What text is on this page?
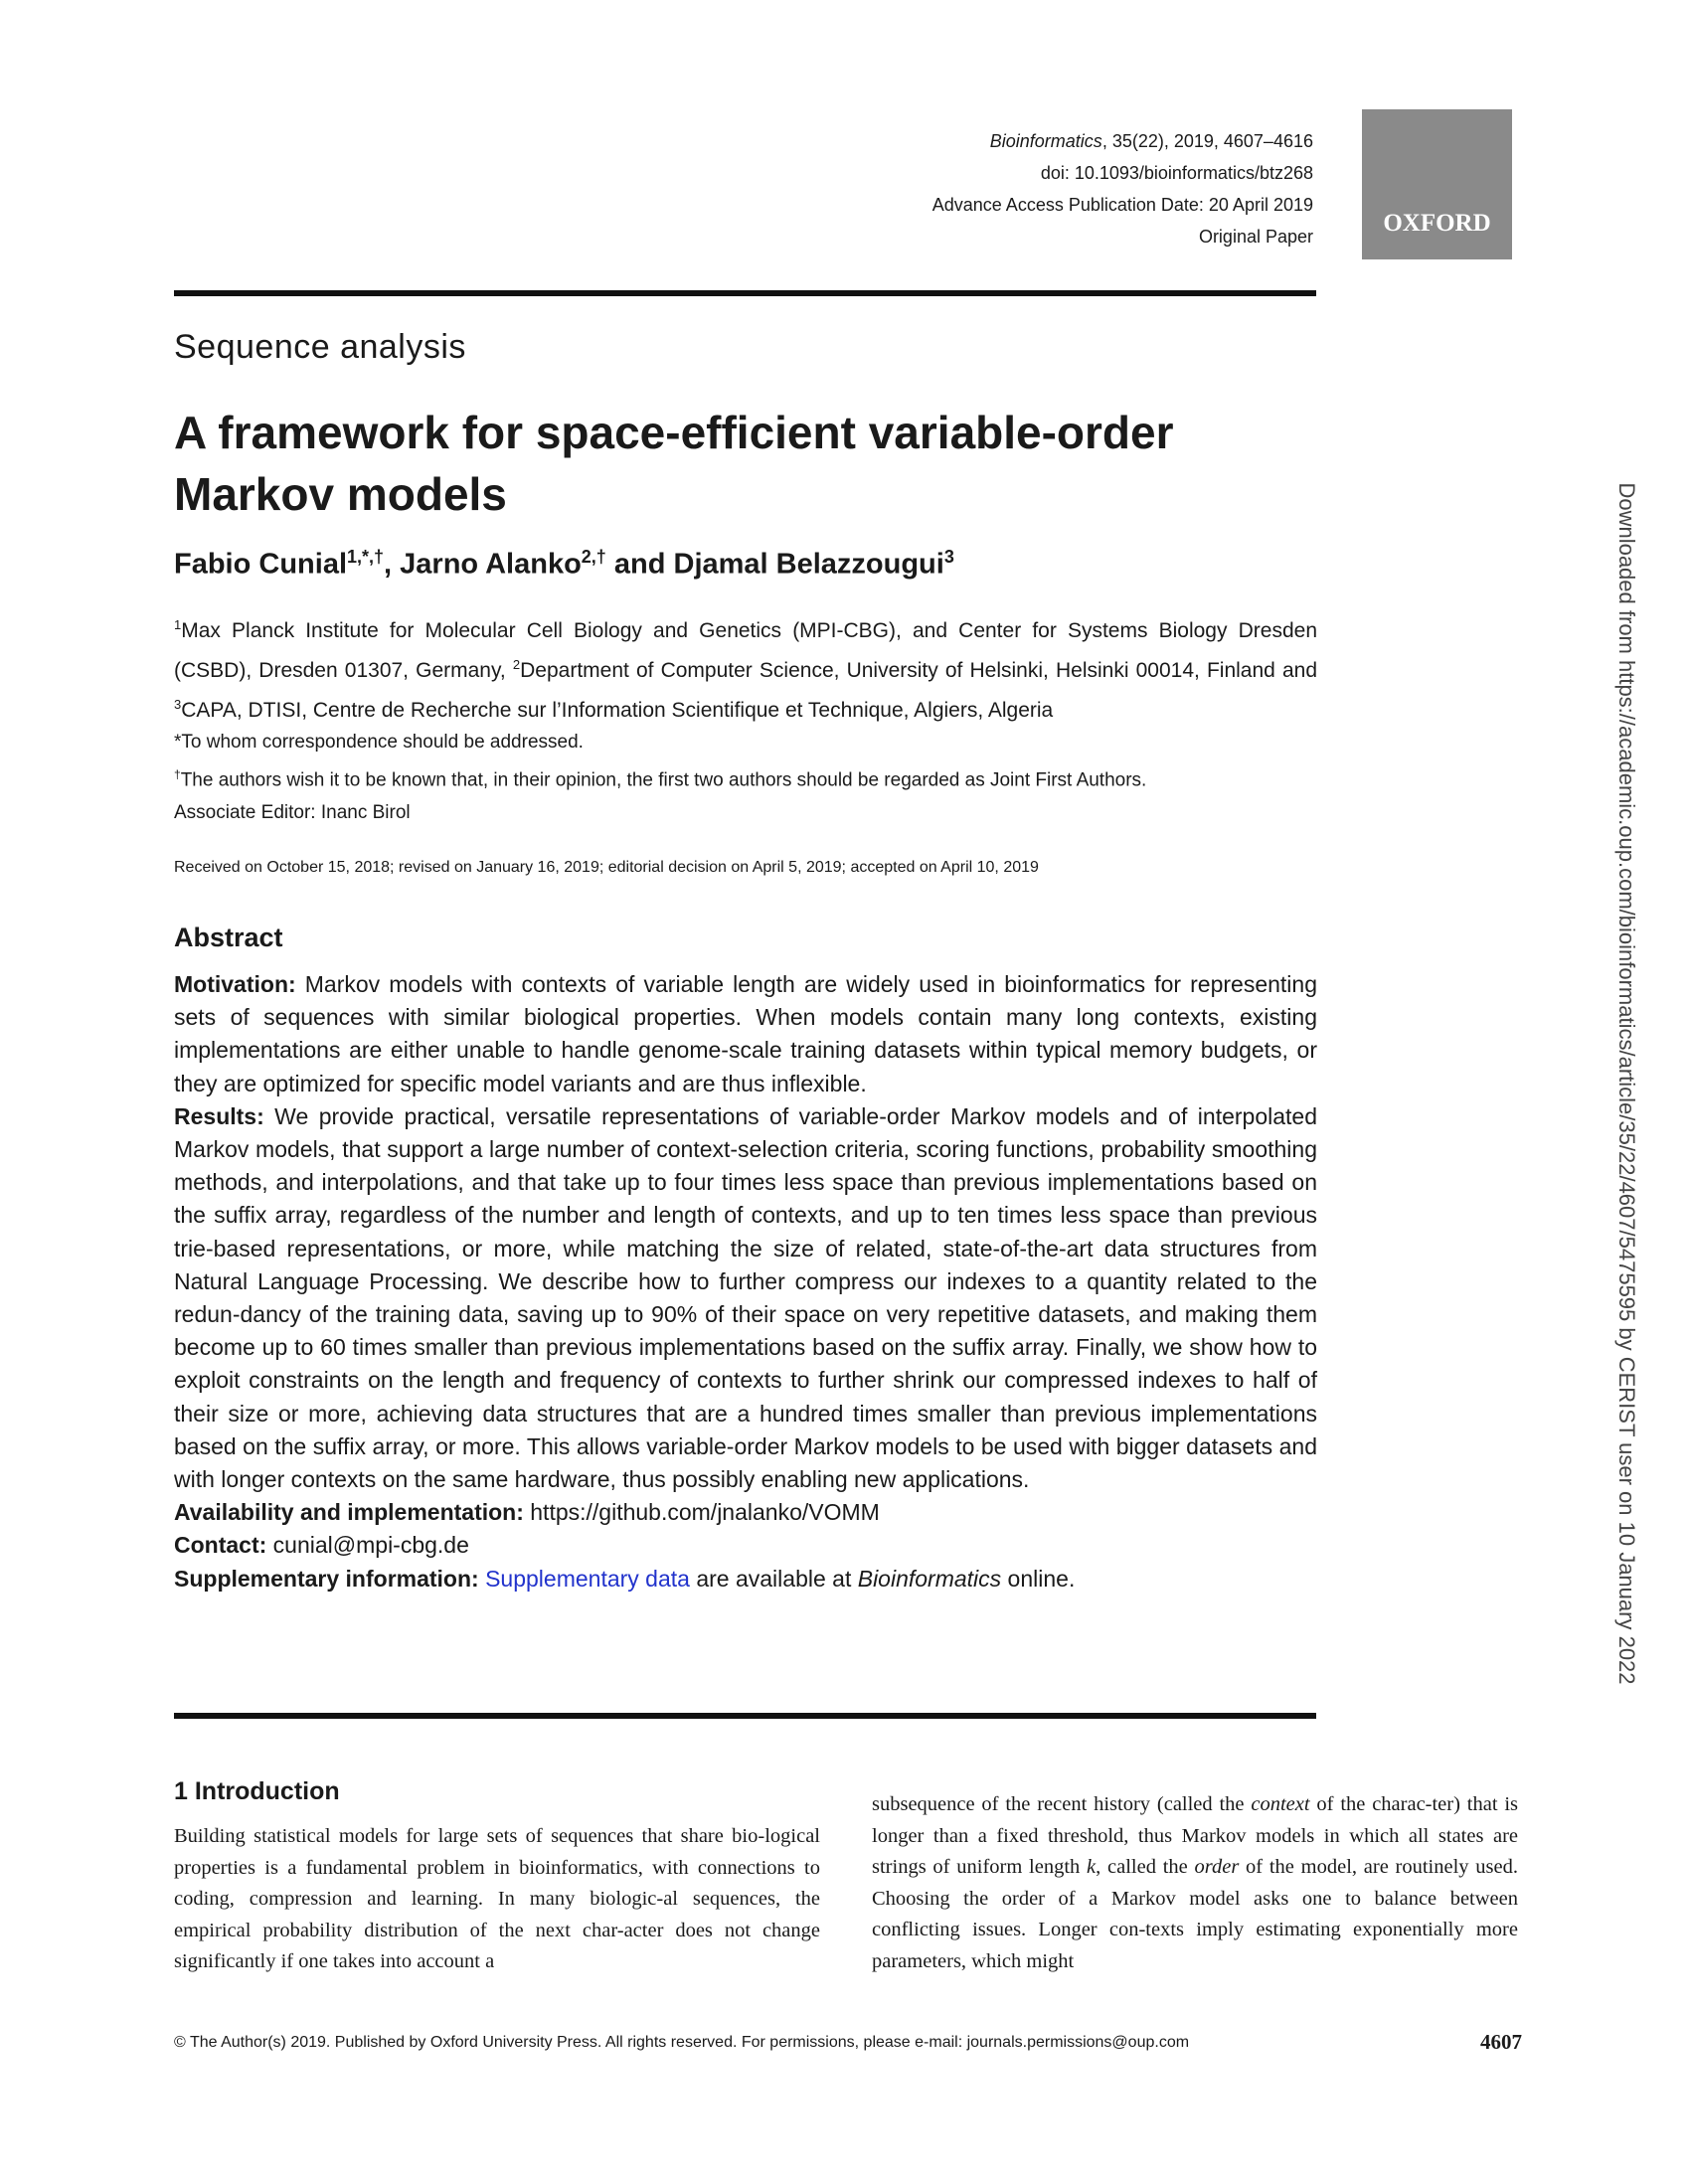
Bioinformatics, 35(22), 2019, 4607–4616
doi: 10.1093/bioinformatics/btz268
Advance Access Publication Date: 20 April 2019
Original Paper	OXFORD
Sequence analysis
A framework for space-efficient variable-order Markov models
Fabio Cunial$^{1,*,\dagger}$, Jarno Alanko$^{2,\dagger}$ and Djamal Belazzougui$^3$
$^1$Max Planck Institute for Molecular Cell Biology and Genetics (MPI-CBG), and Center for Systems Biology Dresden (CSBD), Dresden 01307, Germany, $^2$Department of Computer Science, University of Helsinki, Helsinki 00014, Finland and $^3$CAPA, DTISI, Centre de Recherche sur l’Information Scientifique et Technique, Algiers, Algeria
*To whom correspondence should be addressed.
†The authors wish it to be known that, in their opinion, the first two authors should be regarded as Joint First Authors.
Associate Editor: Inanc Birol
Received on October 15, 2018; revised on January 16, 2019; editorial decision on April 5, 2019; accepted on April 10, 2019
Abstract

Motivation: Markov models with contexts of variable length are widely used in bioinformatics for representing sets of sequences with similar biological properties. When models contain many long contexts, existing implementations are either unable to handle genome-scale training datasets within typical memory budgets, or they are optimized for specific model variants and are thus inflexible.

Results: We provide practical, versatile representations of variable-order Markov models and of interpolated Markov models, that support a large number of context-selection criteria, scoring functions, probability smoothing methods, and interpolations, and that take up to four times less space than previous implementations based on the suffix array, regardless of the number and length of contexts, and up to ten times less space than previous trie-based representations, or more, while matching the size of related, state-of-the-art data structures from Natural Language Processing. We describe how to further compress our indexes to a quantity related to the redun-dancy of the training data, saving up to 90% of their space on very repetitive datasets, and making them become up to 60 times smaller than previous implementations based on the suffix array. Finally, we show how to exploit constraints on the length and frequency of contexts to further shrink our compressed indexes to half of their size or more, achieving data structures that are a hundred times smaller than previous implementations based on the suffix array, or more. This allows variable-order Markov models to be used with bigger datasets and with longer contexts on the same hardware, thus possibly enabling new applications.

Availability and implementation: https://github.com/jnalanko/VOMM

Contact: cunial@mpi-cbg.de

Supplementary information: Supplementary data are available at Bioinformatics online.

1 Introduction
Building statistical models for large sets of sequences that share bio-logical properties is a fundamental problem in bioinformatics, with connections to coding, compression and learning. In many biologic-al sequences, the empirical probability distribution of the next char-acter does not change significantly if one takes into account a
subsequence of the recent history (called the context of the charac-ter) that is longer than a fixed threshold, thus Markov models in which all states are strings of uniform length k, called the order of the model, are routinely used. Choosing the order of a Markov model asks one to balance between conflicting issues. Longer con-texts imply estimating exponentially more parameters, which might
© The Author(s) 2019. Published by Oxford University Press. All rights reserved. For permissions, please e-mail: journals.permissions@oup.com	4607
Downloaded from https://academic.oup.com/bioinformatics/article/35/22/4607/5475595 by CERIST user on 10 January 2022
